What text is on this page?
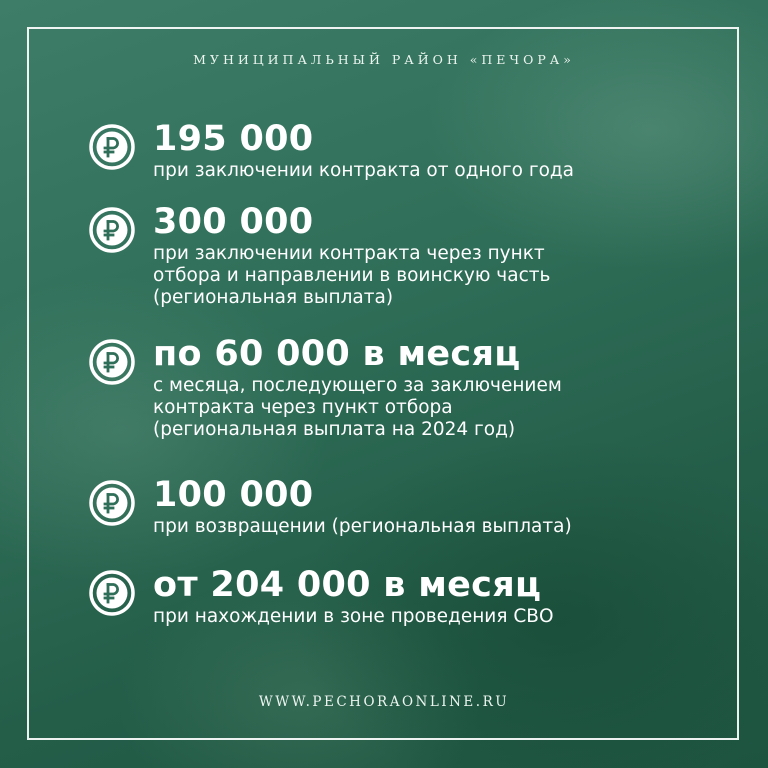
МУНИЦИПАЛЬНЫЙ РАЙОН «ПЕЧОРА»
195 000
при заключении контракта от одного года
300 000
при заключении контракта через пункт
отбора и направлении в воинскую часть
(региональная выплата)
по 60 000 в месяц
с месяца, последующего за заключением
контракта через пункт отбора
(региональная выплата на 2024 год)
100 000
при возвращении (региональная выплата)
от 204 000 в месяц
при нахождении в зоне проведения СВО
WWW.PECHORAONLINE.RU
